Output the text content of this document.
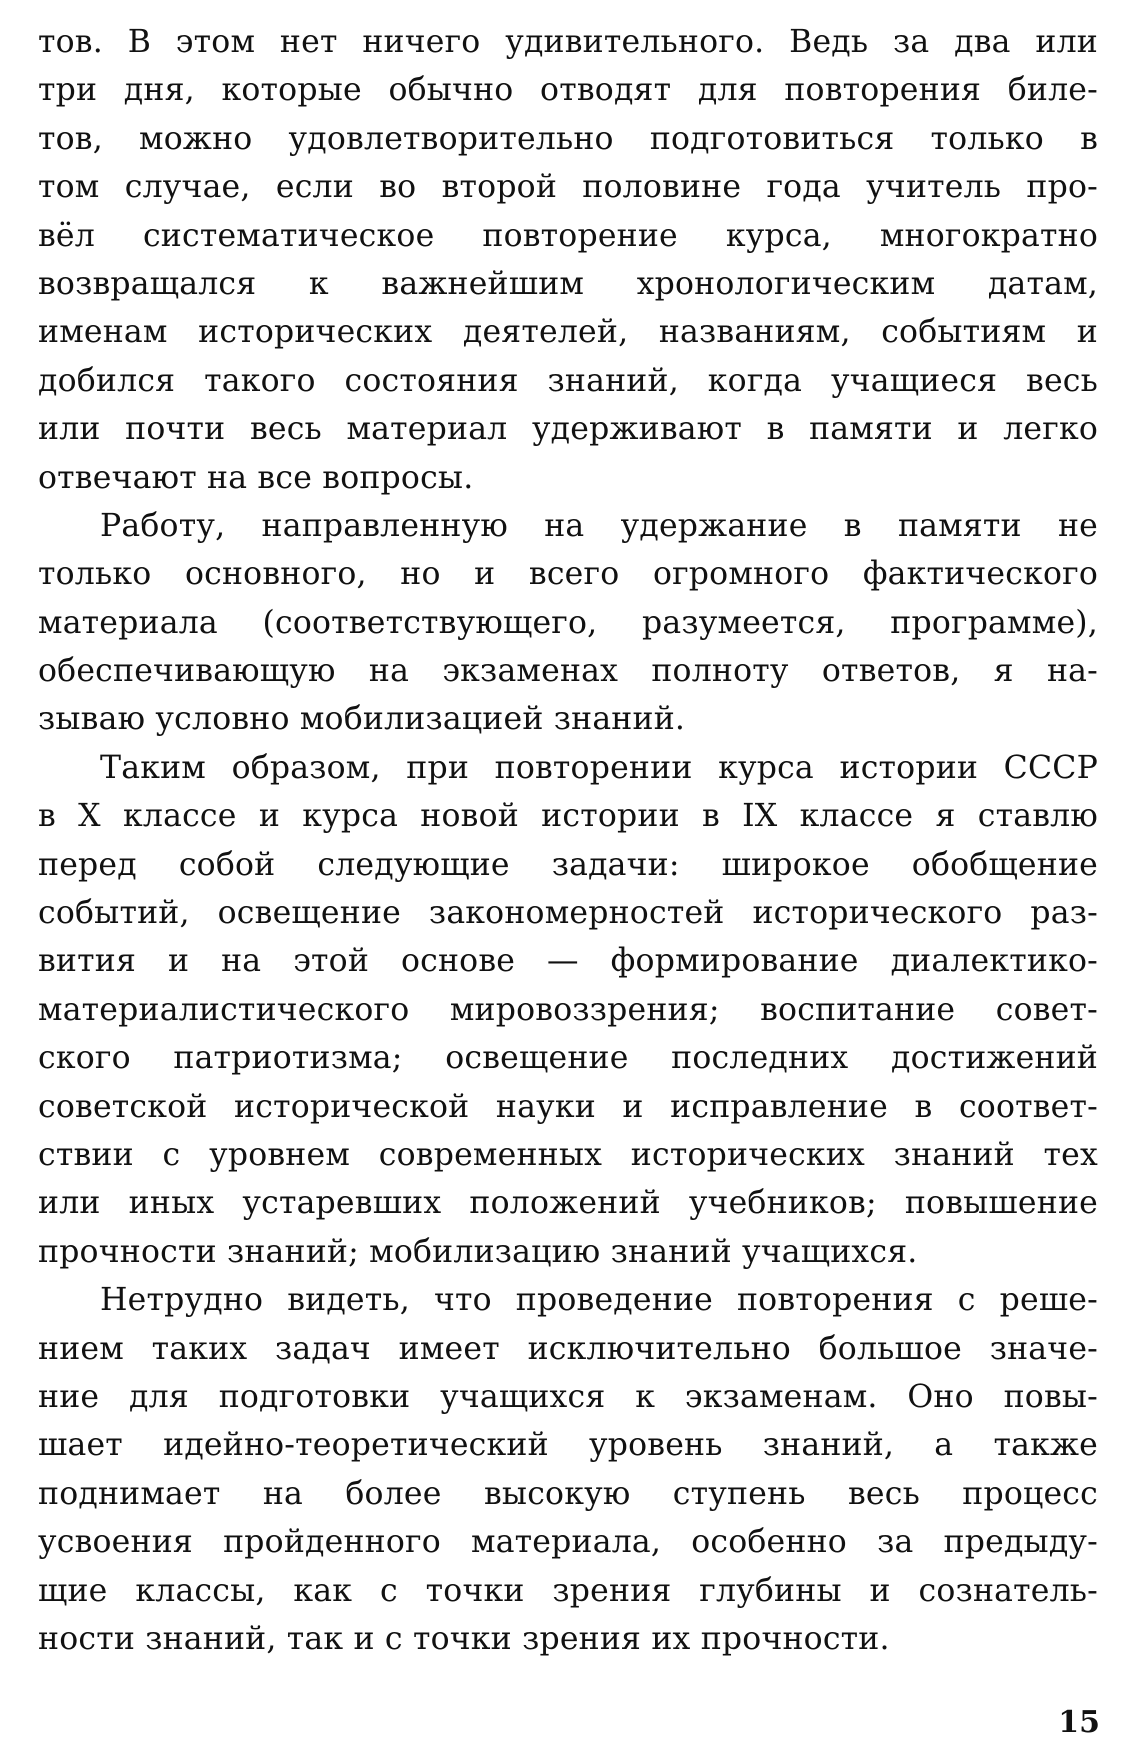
тов. В этом нет ничего удивительного. Ведь за два или
три дня, которые обычно отводят для повторения биле-
тов, можно удовлетворительно подготовиться только в
том случае, если во второй половине года учитель про-
вёл систематическое повторение курса, многократно
возвращался к важнейшим хронологическим датам,
именам исторических деятелей, названиям, событиям и
добился такого состояния знаний, когда учащиеся весь
или почти весь материал удерживают в памяти и легко
отвечают на все вопросы.
Работу, направленную на удержание в памяти не
только основного, но и всего огромного фактического
материала (соответствующего, разумеется, программе),
обеспечивающую на экзаменах полноту ответов, я на-
зываю условно мобилизацией знаний.
Таким образом, при повторении курса истории СССР
в X классе и курса новой истории в IX классе я ставлю
перед собой следующие задачи: широкое обобщение
событий, освещение закономерностей исторического раз-
вития и на этой основе — формирование диалектико-
материалистического мировоззрения; воспитание совет-
ского патриотизма; освещение последних достижений
советской исторической науки и исправление в соответ-
ствии с уровнем современных исторических знаний тех
или иных устаревших положений учебников; повышение
прочности знаний; мобилизацию знаний учащихся.
Нетрудно видеть, что проведение повторения с реше-
нием таких задач имеет исключительно большое значе-
ние для подготовки учащихся к экзаменам. Оно повы-
шает идейно-теоретический уровень знаний, а также
поднимает на более высокую ступень весь процесс
усвоения пройденного материала, особенно за предыду-
щие классы, как с точки зрения глубины и сознатель-
ности знаний, так и с точки зрения их прочности.
15
